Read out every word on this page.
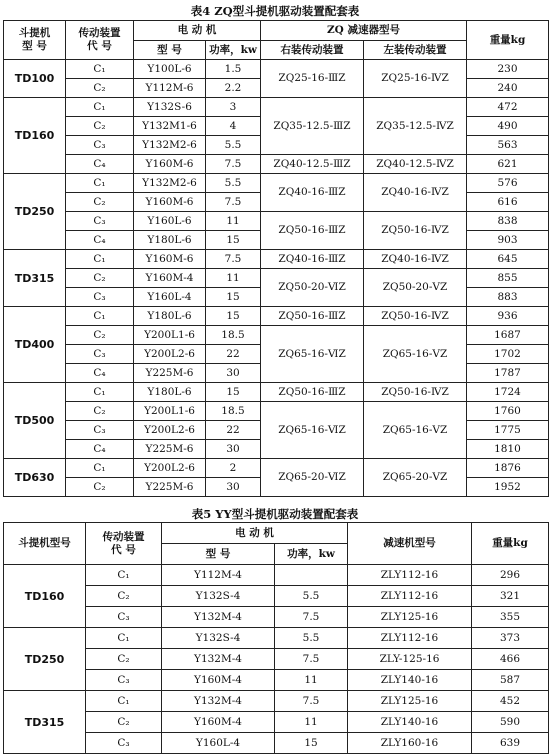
表4 ZQ型斗提机驱动装置配套表
斗提机
型 号	传动装置
代 号	电 动 机		ZQ 减速器型号		重量kg
		型 号	功率，kw	右装传动装置	左装传动装置	
TD100	C₁	Y100L-6	1.5	ZQ25-16-ⅢZ	ZQ25-16-ⅣZ	230
	C₂	Y112M-6	2.2			240
TD160	C₁	Y132S-6	3	ZQ35-12.5-ⅢZ	ZQ35-12.5-ⅣZ	472
	C₂	Y132M1-6	4			490
	C₃	Y132M2-6	5.5			563
	C₄	Y160M-6	7.5	ZQ40-12.5-ⅢZ	ZQ40-12.5-ⅣZ	621
TD250	C₁	Y132M2-6	5.5	ZQ40-16-ⅢZ	ZQ40-16-ⅣZ	576
	C₂	Y160M-6	7.5			616
	C₃	Y160L-6	11	ZQ50-16-ⅢZ	ZQ50-16-ⅣZ	838
	C₄	Y180L-6	15			903
TD315	C₁	Y160M-6	7.5	ZQ40-16-ⅢZ	ZQ40-16-ⅣZ	645
	C₂	Y160M-4	11	ZQ50-20-ⅥZ	ZQ50-20-ⅤZ	855
	C₃	Y160L-4	15			883
TD400	C₁	Y180L-6	15	ZQ50-16-ⅢZ	ZQ50-16-ⅣZ	936
	C₂	Y200L1-6	18.5	ZQ65-16-ⅥZ	ZQ65-16-ⅤZ	1687
	C₃	Y200L2-6	22			1702
	C₄	Y225M-6	30			1787
TD500	C₁	Y180L-6	15	ZQ50-16-ⅢZ	ZQ50-16-ⅣZ	1724
	C₂	Y200L1-6	18.5	ZQ65-16-ⅥZ	ZQ65-16-ⅤZ	1760
	C₃	Y200L2-6	22			1775
	C₄	Y225M-6	30			1810
TD630	C₁	Y200L2-6	2	ZQ65-20-ⅥZ	ZQ65-20-ⅤZ	1876
	C₂	Y225M-6	30			1952
表5 YY型斗提机驱动装置配套表
斗提机型号	传动装置
代 号	电 动 机		减速机型号	重量kg
		型 号	功率，kw		
TD160	C₁	Y112M-4		ZLY112-16	296
	C₂	Y132S-4	5.5	ZLY112-16	321
	C₃	Y132M-4	7.5	ZLY125-16	355
TD250	C₁	Y132S-4	5.5	ZLY112-16	373
	C₂	Y132M-4	7.5	ZLY-125-16	466
	C₃	Y160M-4	11	ZLY140-16	587
TD315	C₁	Y132M-4	7.5	ZLY125-16	452
	C₂	Y160M-4	11	ZLY140-16	590
	C₃	Y160L-4	15	ZLY160-16	639
